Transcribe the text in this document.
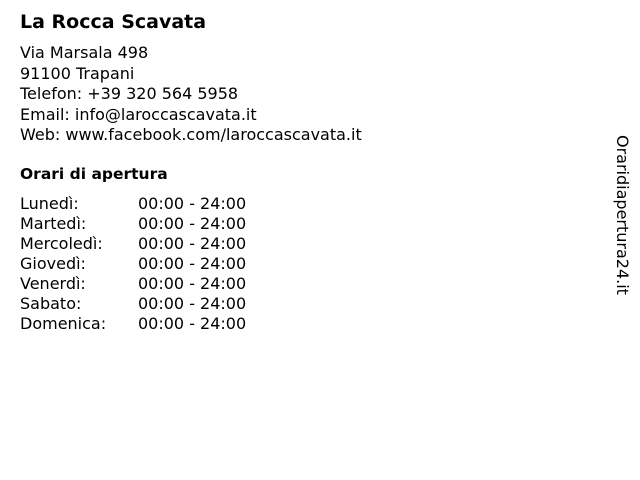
La Rocca Scavata
Via Marsala 498
91100 Trapani
Telefon: +39 320 564 5958
Email: info@laroccascavata.it
Web: www.facebook.com/laroccascavata.it
Orari di apertura
Lunedì:	00:00 - 24:00
Martedì:	00:00 - 24:00
Mercoledì: 00:00 - 24:00
Giovedì:	00:00 - 24:00
Venerdì:	00:00 - 24:00
Sabato:	00:00 - 24:00
Domenica: 00:00 - 24:00
Oraridiapertura24.it
